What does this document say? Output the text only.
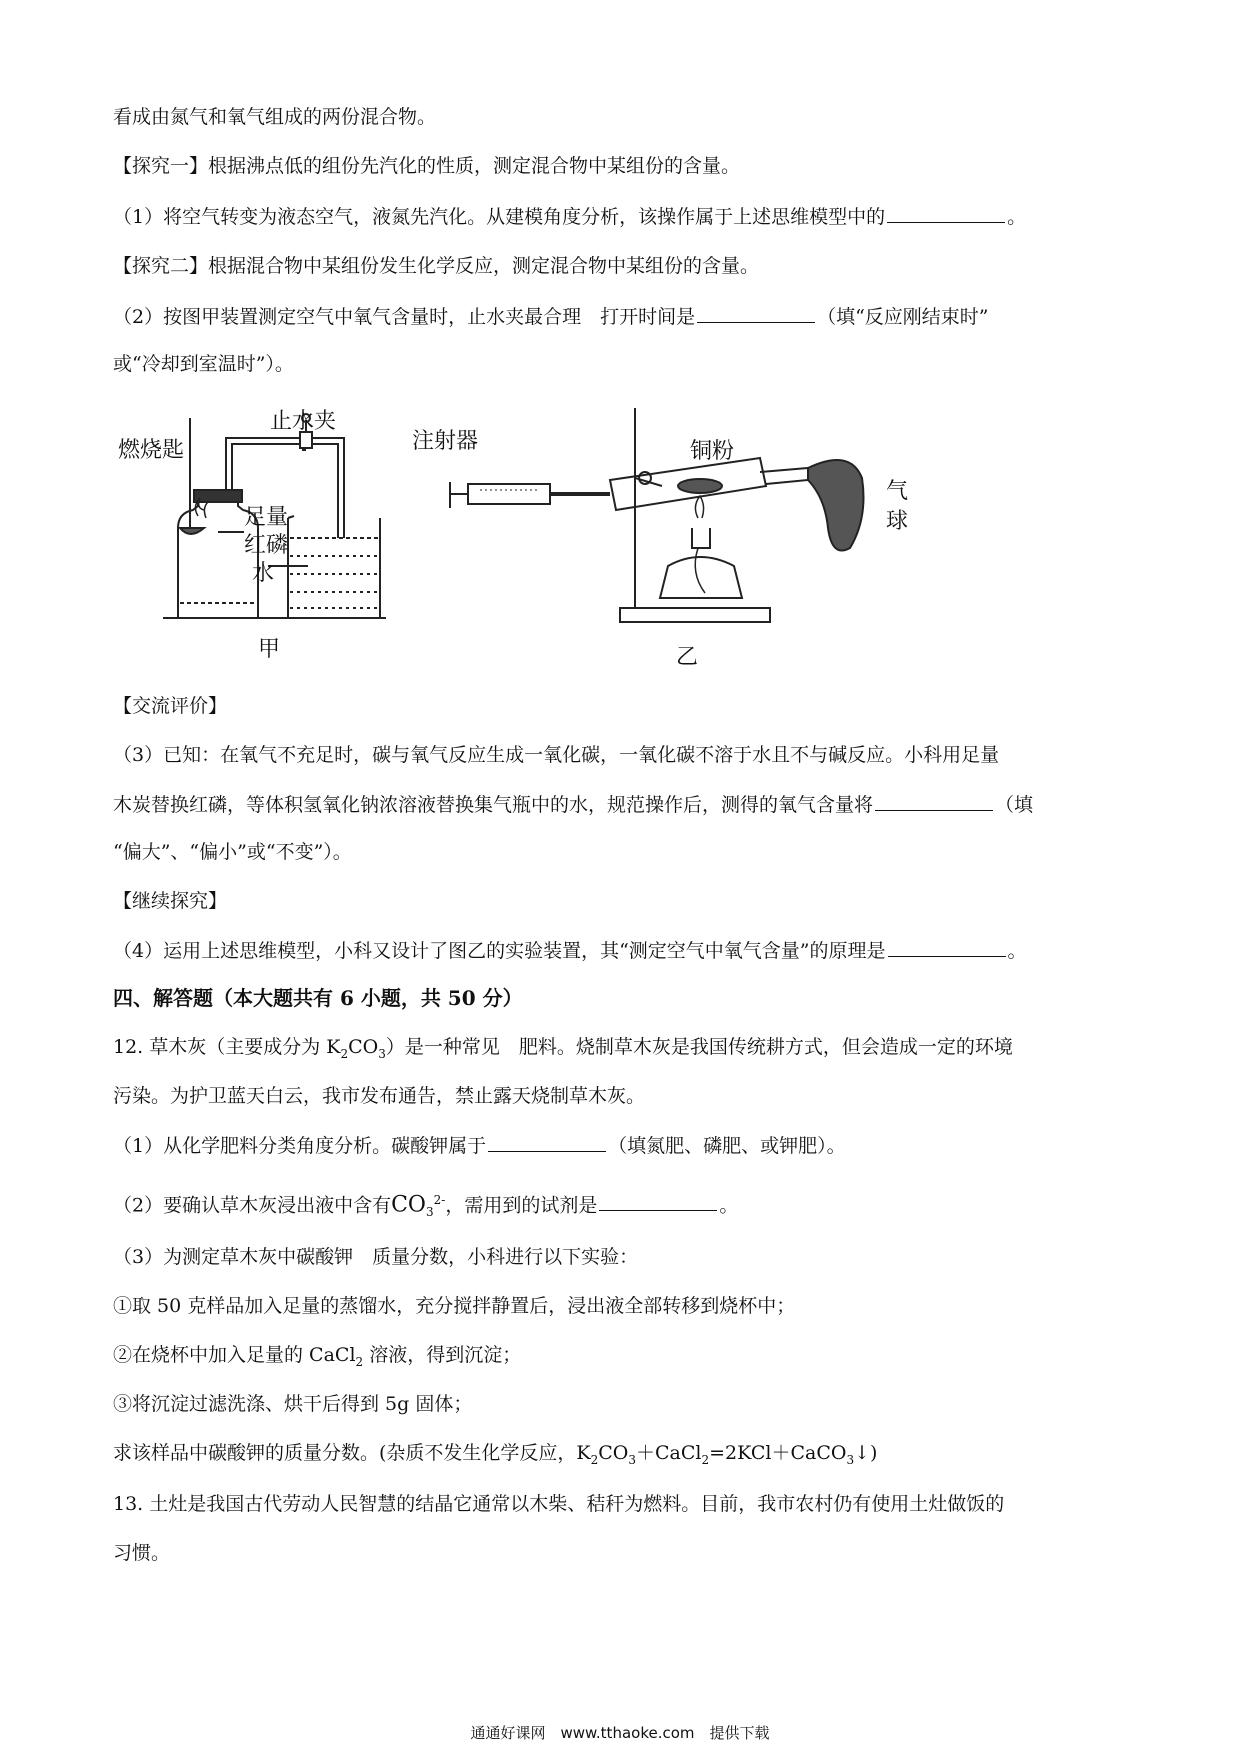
看成由氮气和氧气组成的两份混合物。
【探究一】根据沸点低的组份先汽化的性质，测定混合物中某组份的含量。
（1）将空气转变为液态空气，液氮先汽化。从建模角度分析，该操作属于上述思维模型中的	。
【探究二】根据混合物中某组份发生化学反应，测定混合物中某组份的含量。
（2）按图甲装置测定空气中氧气含量时，止水夹最合理　打开时间是	（填“反应刚结束时”
或“冷却到室温时”）。
燃烧匙
止水夹
足量
红磷
水
甲
注射器	铜粉
气
球
乙
【交流评价】
（3）已知：在氧气不充足时，碳与氧气反应生成一氧化碳，一氧化碳不溶于水且不与碱反应。小科用足量
木炭替换红磷，等体积氢氧化钠浓溶液替换集气瓶中的水，规范操作后，测得的氧气含量将	（填
“偏大”、“偏小”或“不变”）。
【继续探究】
（4）运用上述思维模型，小科又设计了图乙的实验装置，其“测定空气中氧气含量”的原理是	。
四、解答题（本大题共有 6 小题，共 50 分）
12. 草木灰（主要成分为 $K_2CO_3$）是一种常见　肥料。烧制草木灰是我国传统耕方式，但会造成一定的环境
污染。为护卫蓝天白云，我市发布通告，禁止露天烧制草木灰。
（1）从化学肥料分类角度分析。碳酸钾属于	（填氮肥、磷肥、或钾肥）。
（2）要确认草木灰浸出液中含有$CO_3^{2-}$，需用到的试剂是	。
（3）为测定草木灰中碳酸钾　质量分数，小科进行以下实验：
①取 50 克样品加入足量的蒸馏水，充分搅拌静置后，浸出液全部转移到烧杯中；
②在烧杯中加入足量的 CaCl$_2$ 溶液，得到沉淀；
③将沉淀过滤洗涤、烘干后得到 5g 固体；
求该样品中碳酸钾的质量分数。(杂质不发生化学反应，$K_2CO_3+CaCl_2=2KCl+CaCO_3↓$)
13. 土灶是我国古代劳动人民智慧的结晶它通常以木柴、秸秆为燃料。目前，我市农村仍有使用土灶做饭的
习惯。
通通好课网　www.tthaoke.com　提供下载
